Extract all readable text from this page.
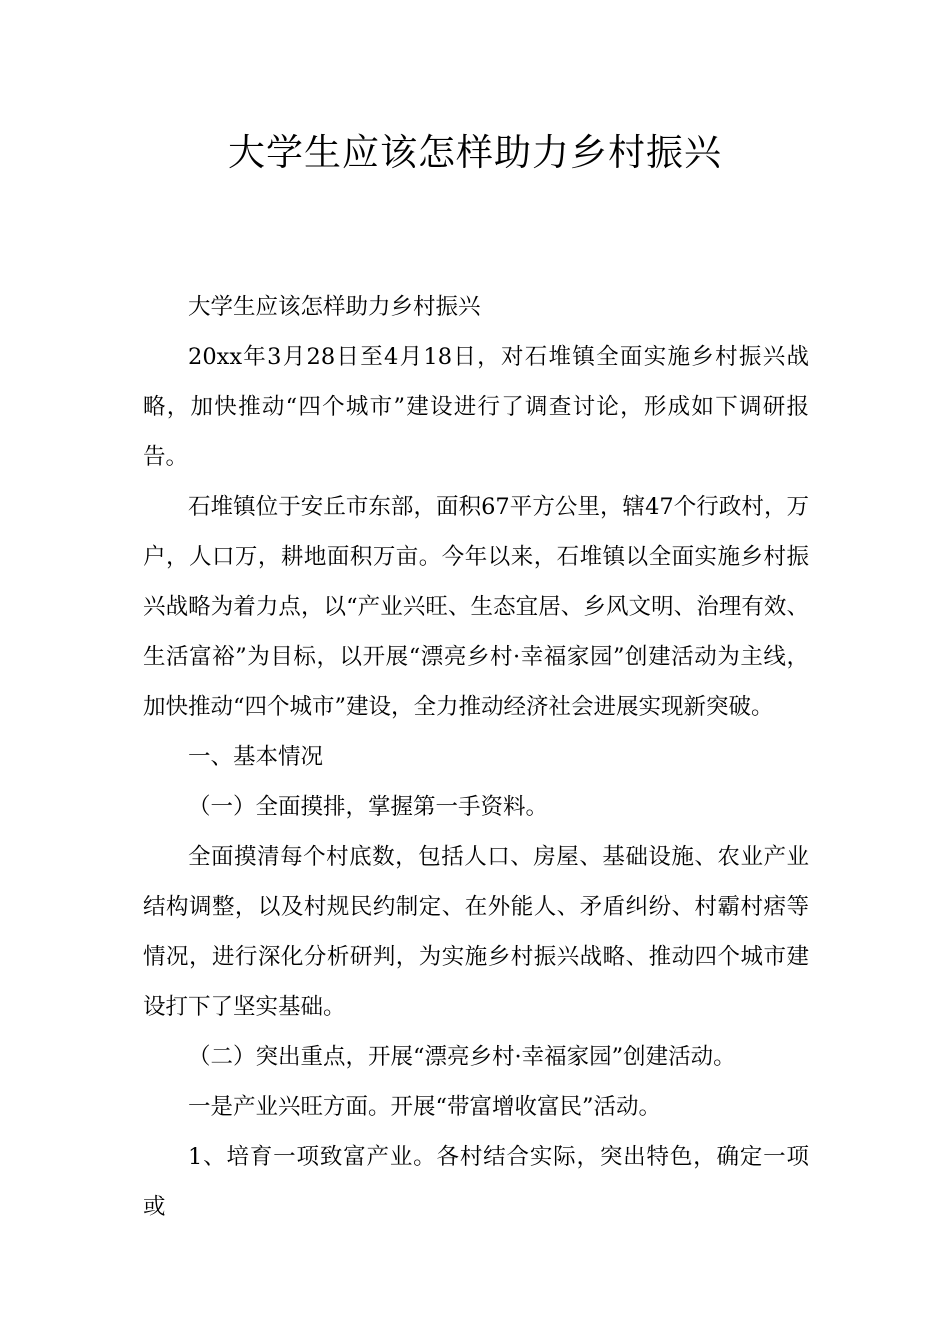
大学生应该怎样助力乡村振兴

大学生应该怎样助力乡村振兴

20xx年3月28日至4月18日，对石堆镇全面实施乡村振兴战略，加快推动“四个城市”建设进行了调查讨论，形成如下调研报告。

石堆镇位于安丘市东部，面积67平方公里，辖47个行政村，万户，人口万，耕地面积万亩。今年以来，石堆镇以全面实施乡村振兴战略为着力点，以“产业兴旺、生态宜居、乡风文明、治理有效、生活富裕”为目标，以开展“漂亮乡村·幸福家园”创建活动为主线，加快推动“四个城市”建设，全力推动经济社会进展实现新突破。

一、基本情况

（一）全面摸排，掌握第一手资料。

全面摸清每个村底数，包括人口、房屋、基础设施、农业产业结构调整，以及村规民约制定、在外能人、矛盾纠纷、村霸村痞等情况，进行深化分析研判，为实施乡村振兴战略、推动四个城市建设打下了坚实基础。

（二）突出重点，开展“漂亮乡村·幸福家园”创建活动。

一是产业兴旺方面。开展“带富增收富民”活动。

1、培育一项致富产业。各村结合实际，突出特色，确定一项或
